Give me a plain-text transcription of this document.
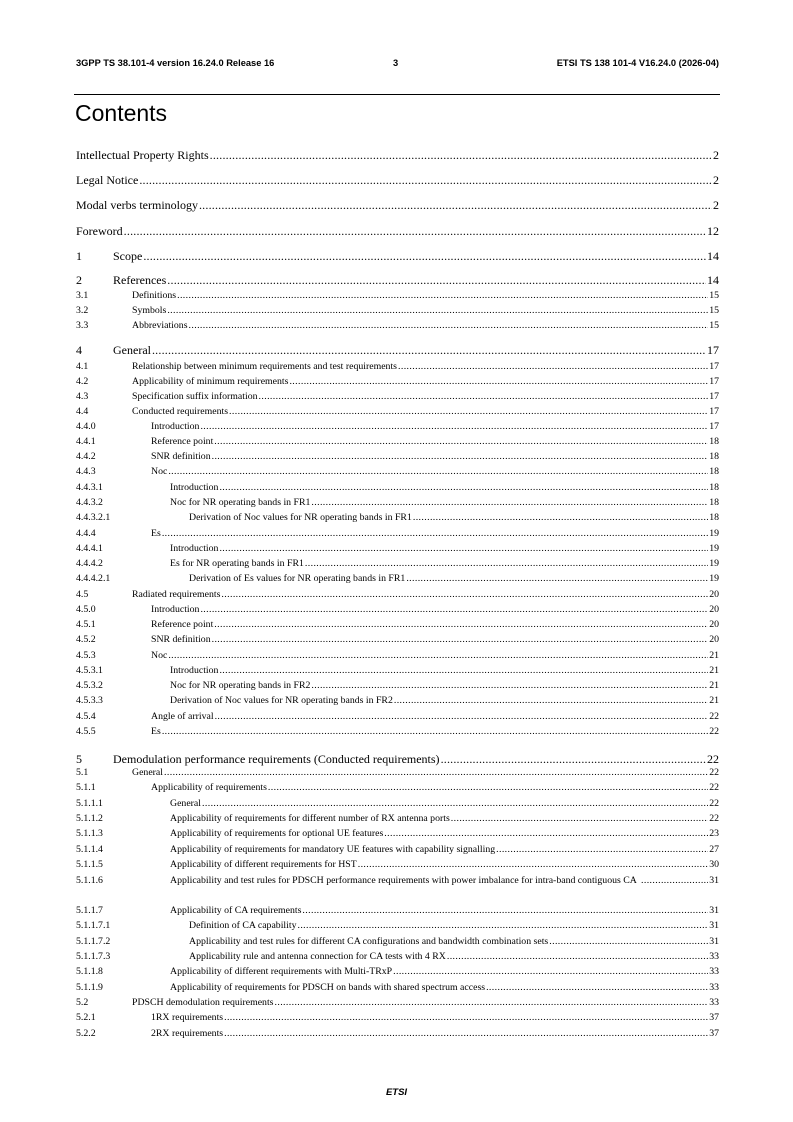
3GPP TS 38.101-4 version 16.24.0 Release 16	3	ETSI TS 138 101-4 V16.24.0 (2026-04)
Contents
Intellectual Property Rights .....	2
Legal Notice .....	2
Modal verbs terminology .....	2
Foreword .....	12
1	Scope .....	14
2	References .....	14
3.1	Definitions .....	15
3.2	Symbols .....	15
3.3	Abbreviations .....	15
4	General .....	17
4.1	Relationship between minimum requirements and test requirements .....	17
4.2	Applicability of minimum requirements .....	17
4.3	Specification suffix information .....	17
4.4	Conducted requirements .....	17
4.4.0	Introduction .....	17
4.4.1	Reference point .....	18
4.4.2	SNR definition .....	18
4.4.3	Noc .....	18
4.4.3.1	Introduction .....	18
4.4.3.2	Noc for NR operating bands in FR1 .....	18
4.4.3.2.1	Derivation of Noc values for NR operating bands in FR1 .....	18
4.4.4	Es .....	19
4.4.4.1	Introduction .....	19
4.4.4.2	Es for NR operating bands in FR1 .....	19
4.4.4.2.1	Derivation of Es values for NR operating bands in FR1 .....	19
4.5	Radiated requirements .....	20
4.5.0	Introduction .....	20
4.5.1	Reference point .....	20
4.5.2	SNR definition .....	20
4.5.3	Noc .....	21
4.5.3.1	Introduction .....	21
4.5.3.2	Noc for NR operating bands in FR2 .....	21
4.5.3.3	Derivation of Noc values for NR operating bands in FR2 .....	21
4.5.4	Angle of arrival .....	22
4.5.5	Es .....	22
5	Demodulation performance requirements (Conducted requirements) .....	22
5.1	General .....	22
5.1.1	Applicability of requirements .....	22
5.1.1.1	General .....	22
5.1.1.2	Applicability of requirements for different number of RX antenna ports .....	22
5.1.1.3	Applicability of requirements for optional UE features .....	23
5.1.1.4	Applicability of requirements for mandatory UE features with capability signalling .....	27
5.1.1.5	Applicability of different requirements for HST .....	30
5.1.1.6	Applicability and test rules for PDSCH performance requirements with power imbalance for intra-band contiguous CA .....	31
5.1.1.7	Applicability of CA requirements .....	31
5.1.1.7.1	Definition of CA capability .....	31
5.1.1.7.2	Applicability and test rules for different CA configurations and bandwidth combination sets .....	31
5.1.1.7.3	Applicability rule and antenna connection for CA tests with 4 RX .....	33
5.1.1.8	Applicability of different requirements with Multi-TRxP .....	33
5.1.1.9	Applicability of requirements for PDSCH on bands with shared spectrum access .....	33
5.2	PDSCH demodulation requirements .....	33
5.2.1	1RX requirements .....	37
5.2.2	2RX requirements .....	37
ETSI
